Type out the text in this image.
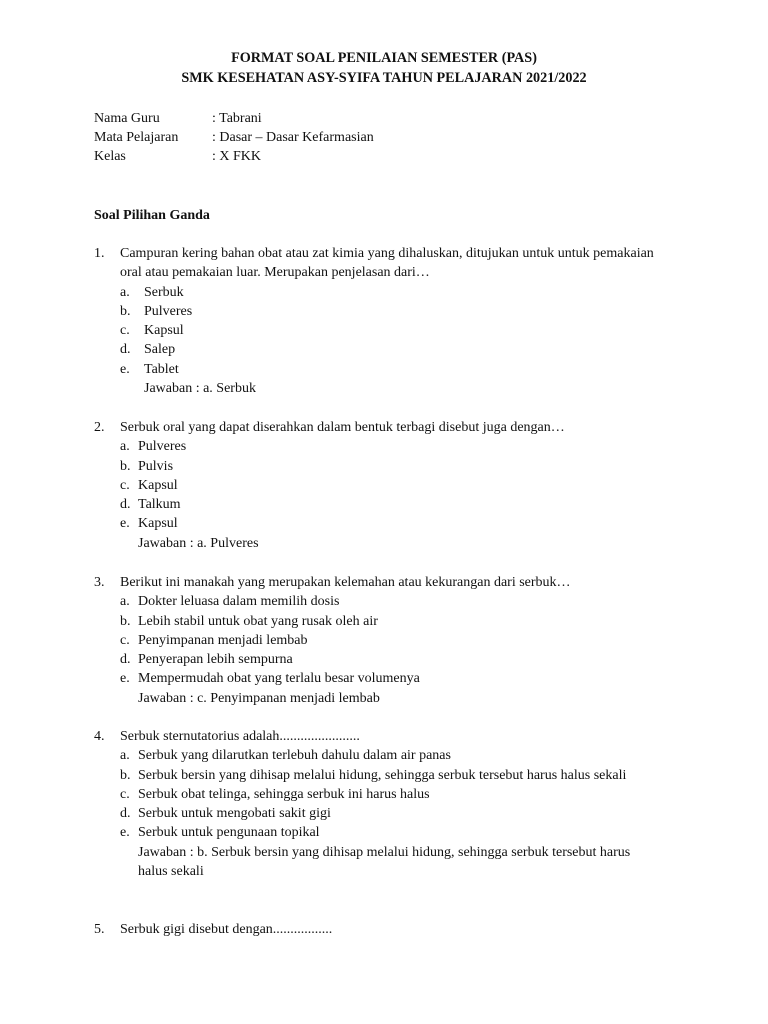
FORMAT SOAL PENILAIAN SEMESTER (PAS)
SMK KESEHATAN ASY-SYIFA TAHUN PELAJARAN 2021/2022
Nama Guru	: Tabrani
Mata Pelajaran	: Dasar – Dasar Kefarmasian
Kelas	: X FKK
Soal Pilihan Ganda
1. Campuran kering bahan obat atau zat kimia yang dihaluskan, ditujukan untuk untuk pemakaian oral atau pemakaian luar. Merupakan penjelasan dari…
a. Serbuk
b. Pulveres
c. Kapsul
d. Salep
e. Tablet
Jawaban : a. Serbuk
2. Serbuk oral yang dapat diserahkan dalam bentuk terbagi disebut juga dengan…
a. Pulveres
b. Pulvis
c. Kapsul
d. Talkum
e. Kapsul
Jawaban : a. Pulveres
3. Berikut ini manakah yang merupakan kelemahan atau kekurangan dari serbuk…
a. Dokter leluasa dalam memilih dosis
b. Lebih stabil untuk obat yang rusak oleh air
c. Penyimpanan menjadi lembab
d. Penyerapan lebih sempurna
e. Mempermudah obat yang terlalu besar volumenya
Jawaban : c. Penyimpanan menjadi lembab
4. Serbuk sternutatorius adalah.......................
a. Serbuk yang dilarutkan terlebuh dahulu dalam air panas
b. Serbuk bersin yang dihisap melalui hidung, sehingga serbuk tersebut harus halus sekali
c. Serbuk obat telinga, sehingga serbuk ini harus halus
d. Serbuk untuk mengobati sakit gigi
e. Serbuk untuk pengunaan topikal
Jawaban : b. Serbuk bersin yang dihisap melalui hidung, sehingga serbuk tersebut harus halus sekali
5. Serbuk gigi disebut dengan.................
